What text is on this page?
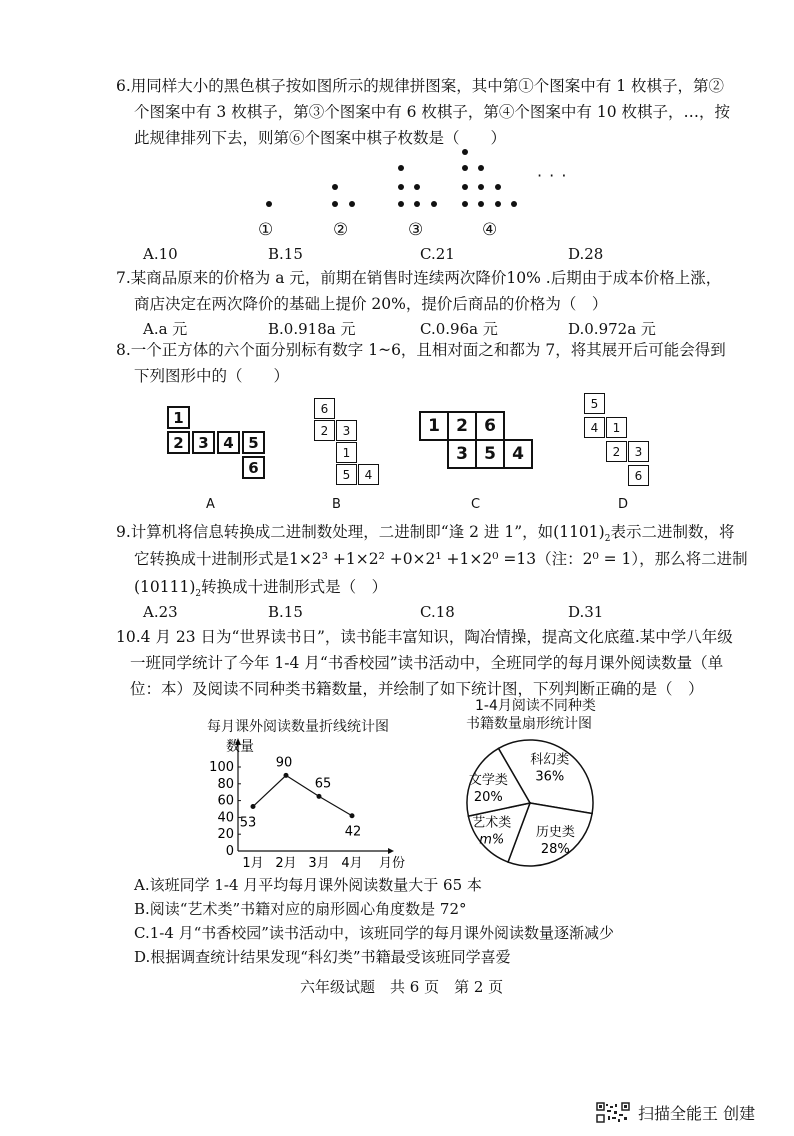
6.用同样大小的黑色棋子按如图所示的规律拼图案，其中第①个图案中有 1 枚棋子，第②
个图案中有 3 枚棋子，第③个图案中有 6 枚棋子，第④个图案中有 10 枚棋子，…，按
此规律排列下去，则第⑥个图案中棋子枚数是（　　）
· · ·
①	②	③	④
A.10	B.15	C.21	D.28
7.某商品原来的价格为 a 元，前期在销售时连续两次降价10% .后期由于成本价格上涨，
商店决定在两次降价的基础上提价 20%，提价后商品的价格为（　）
A.a 元	B.0.918a 元	C.0.96a 元	D.0.972a 元
8.一个正方体的六个面分别标有数字 1~6，且相对面之和都为 7，将其展开后可能会得到
下列图形中的（　　）
1
2 3 4 5
6
A
6
2	3
1
5	4
B
1 2 6
3 5 4
C
5
4	1
2	3
6
D
9.计算机将信息转换成二进制数处理，二进制即“逢 2 进 1”，如$(1101)_2$表示二进制数，将
它转换成十进制形式是1×2³ +1×2² +0×2¹ +1×2⁰ =13（注：2⁰ = 1），那么将二进制
$(10111)_2$转换成十进制形式是（　）
A.23	B.15	C.18	D.31
10.4 月 23 日为“世界读书日”，读书能丰富知识，陶冶情操，提高文化底蕴.某中学八年级
一班同学统计了今年 1-4 月“书香校园”读书活动中，全班同学的每月课外阅读数量（单
位：本）及阅读不同种类书籍数量，并绘制了如下统计图，下列判断正确的是（　）
每月课外阅读数量折线统计图
数量
0
20
40
60
80
100
1月 2月 3月 4月 月份
53
90
65
42
1-4月阅读不同种类
书籍数量扇形统计图
科幻类
36%
历史类
28%
艺术类
m%
文学类
20%
A.该班同学 1-4 月平均每月课外阅读数量大于 65 本
B.阅读“艺术类”书籍对应的扇形圆心角度数是 72°
C.1-4 月“书香校园”读书活动中，该班同学的每月课外阅读数量逐渐减少
D.根据调查统计结果发现“科幻类”书籍最受该班同学喜爱
六年级试题　共 6 页　第 2 页
扫描全能王 创建
